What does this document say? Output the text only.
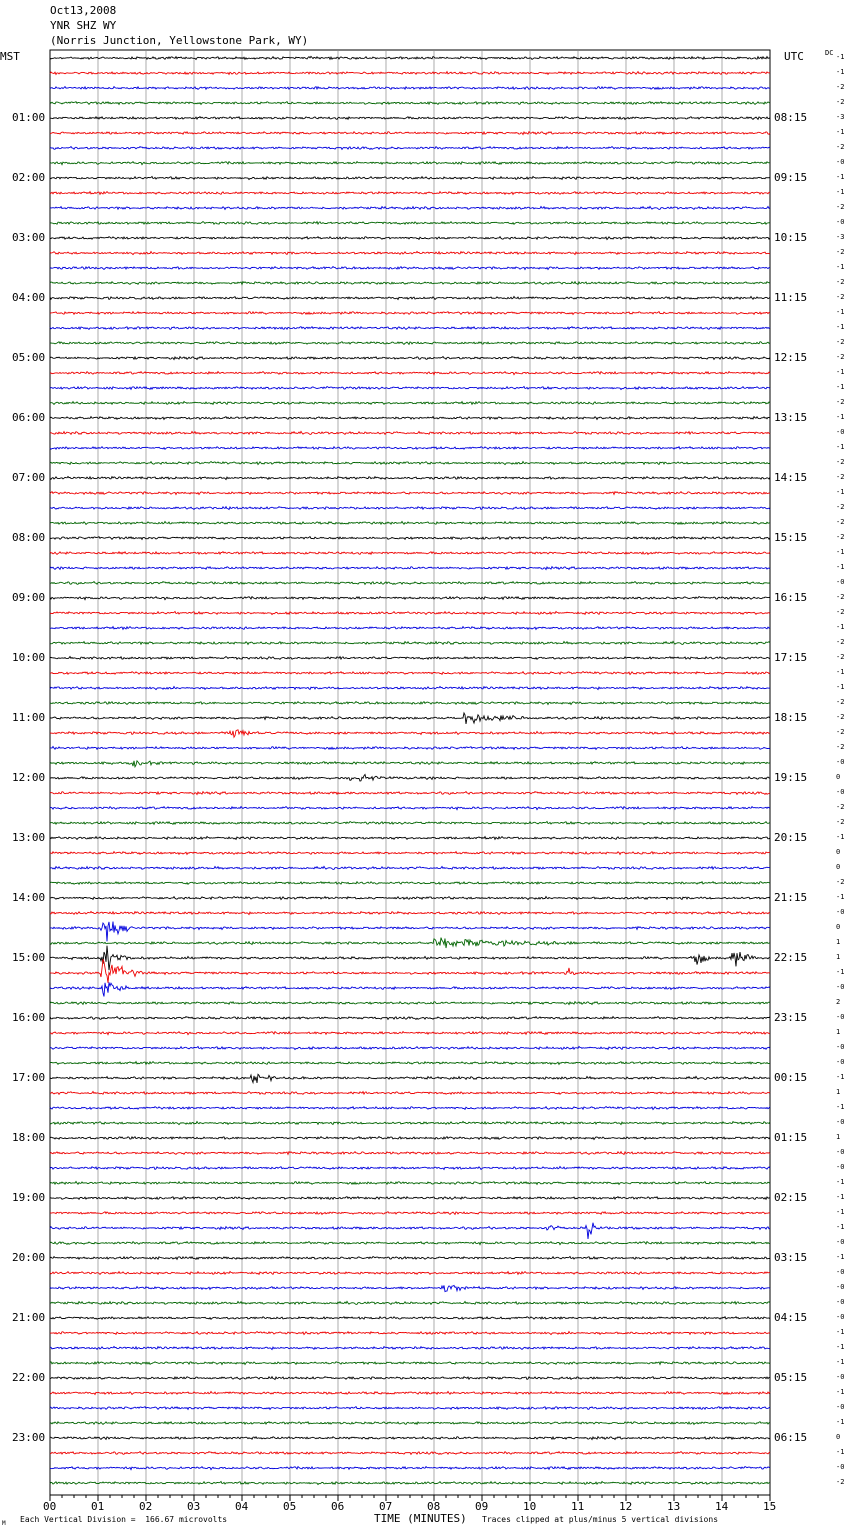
Oct13,2008
YNR SHZ WY
(Norris Junction, Yellowstone Park, WY)
MST	UTC	DC
01:00
02:00
03:00
04:00
05:00
06:00
07:00
08:00
09:00
10:00
11:00
12:00
13:00
14:00
15:00
16:00
17:00
18:00
19:00
20:00
21:00
22:00
23:00
08:15
09:15
10:15
11:15
12:15
13:15
14:15
15:15
16:15
17:15
18:15
19:15
20:15
21:15
22:15
23:15
00:15
01:15
02:15
03:15
04:15
05:15
06:15
-1
-1
-2
-2
-3
-1
-2
-0
-1
-1
-2
-0
-3
-2
-1
-2
-2
-1
-1
-2
-2
-1
-1
-2
-1
-0
-1
-2
-2
-1
-2
-2
-2
-1
-1
-0
-2
-2
-1
-2
-2
-1
-1
-2
-2
-2
-2
-0
0
-0
-2
-2
-1
0
0
-2
-1
-0
0
1
1
-1
-0
2
-0
1
-0
-0
-1
1
-1
-0
1
-0
-0
-1
-1
-1
-1
-0
-1
-0
-0
-0
-0
-1
-1
-1
-0
-1
-0
-1
0
-1
-0
-2
00	01	02	03	04	05	06	07	08	09	10	11	12	13	14	15
Each Vertical Division =  166.67 microvolts	TIME (MINUTES) Traces clipped at plus/minus 5 vertical divisions
M
